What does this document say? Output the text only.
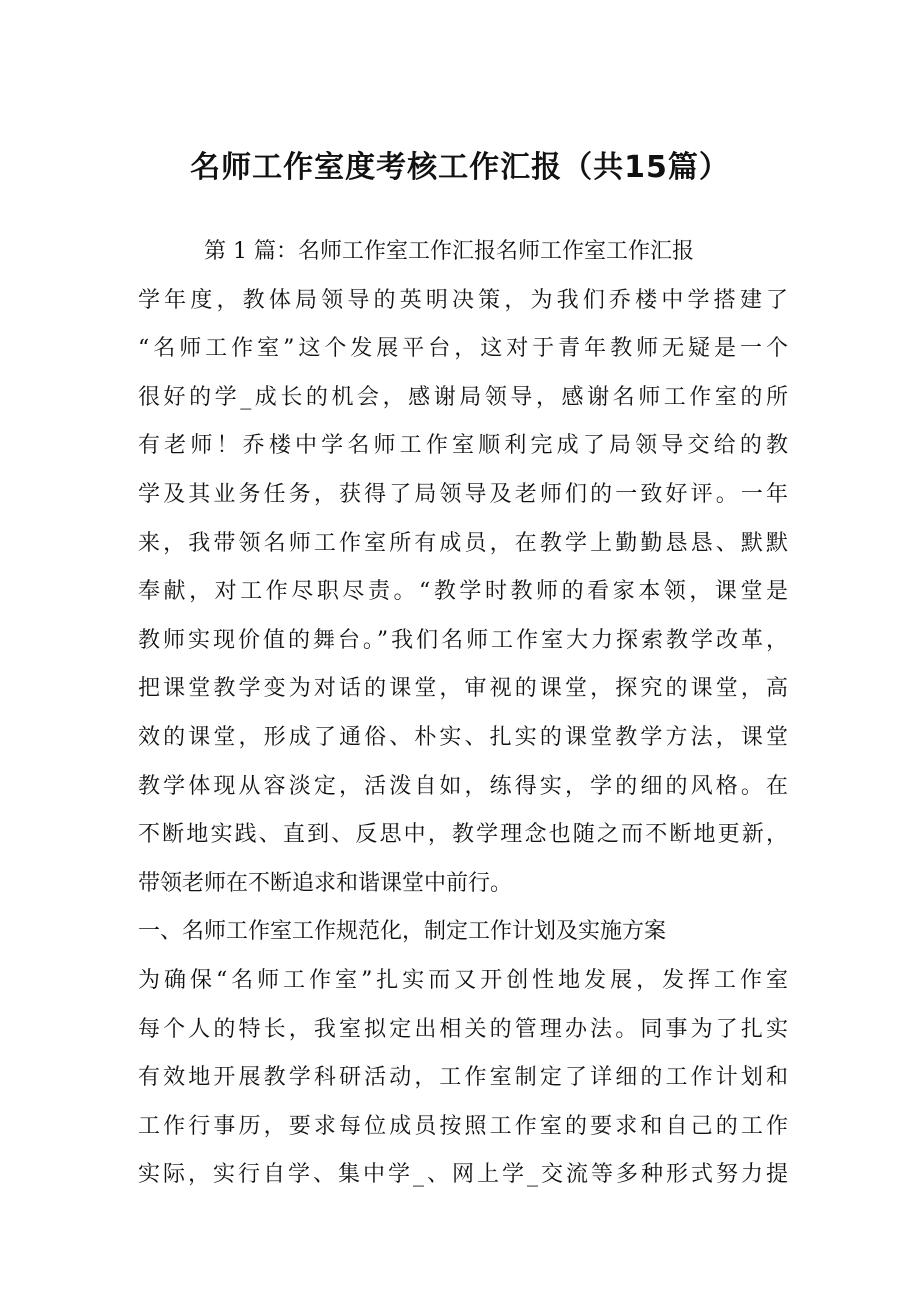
名师工作室度考核工作汇报（共15篇）
第 1 篇：名师工作室工作汇报名师工作室工作汇报
学年度，教体局领导的英明决策，为我们乔楼中学搭建了
“名师工作室”这个发展平台，这对于青年教师无疑是一个
很好的学_成长的机会，感谢局领导，感谢名师工作室的所
有老师！乔楼中学名师工作室顺利完成了局领导交给的教
学及其业务任务，获得了局领导及老师们的一致好评。一年
来，我带领名师工作室所有成员，在教学上勤勤恳恳、默默
奉献，对工作尽职尽责。“教学时教师的看家本领，课堂是
教师实现价值的舞台。”我们名师工作室大力探索教学改革，
把课堂教学变为对话的课堂，审视的课堂，探究的课堂，高
效的课堂，形成了通俗、朴实、扎实的课堂教学方法，课堂
教学体现从容淡定，活泼自如，练得实，学的细的风格。在
不断地实践、直到、反思中，教学理念也随之而不断地更新，
带领老师在不断追求和谐课堂中前行。
一、名师工作室工作规范化，制定工作计划及实施方案
为确保“名师工作室”扎实而又开创性地发展，发挥工作室
每个人的特长，我室拟定出相关的管理办法。同事为了扎实
有效地开展教学科研活动，工作室制定了详细的工作计划和
工作行事历，要求每位成员按照工作室的要求和自己的工作
实际，实行自学、集中学_、网上学_交流等多种形式努力提
